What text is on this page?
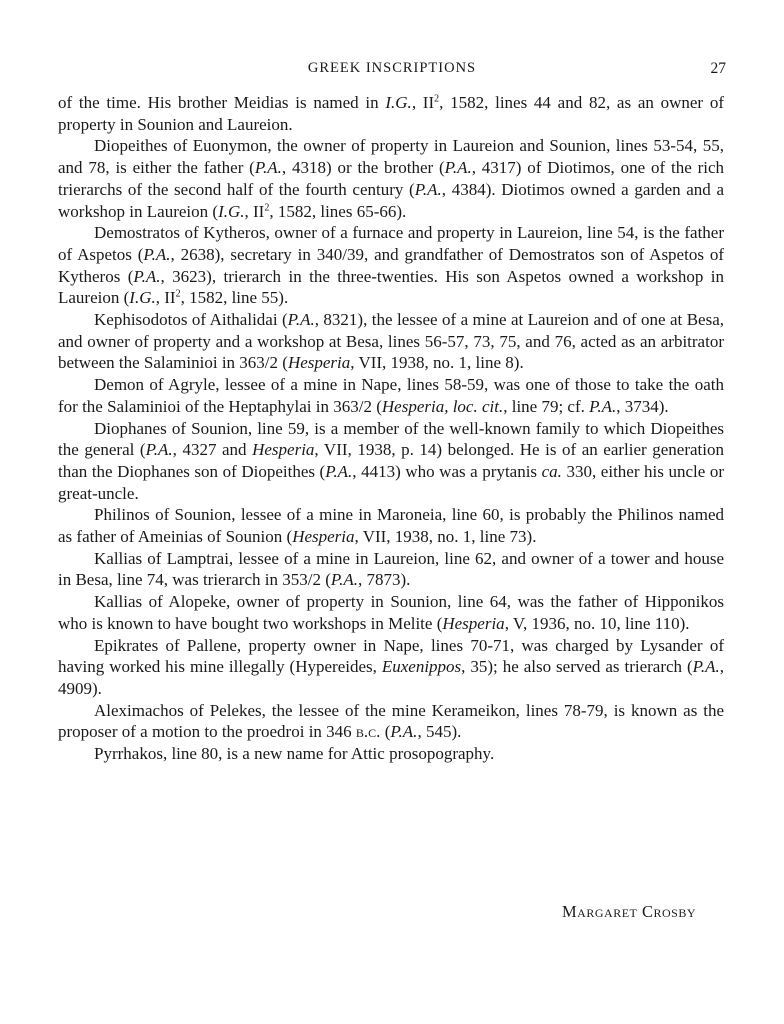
GREEK INSCRIPTIONS	27

of the time. His brother Meidias is named in I.G., $II^2$, 1582, lines 44 and 82, as an owner of property in Sounion and Laureion.

Diopeithes of Euonymon, the owner of property in Laureion and Sounion, lines 53-54, 55, and 78, is either the father (P.A., 4318) or the brother (P.A., 4317) of Diotimos, one of the rich trierarchs of the second half of the fourth century (P.A., 4384). Diotimos owned a garden and a workshop in Laureion (I.G., $II^2$, 1582, lines 65-66).

Demostratos of Kytheros, owner of a furnace and property in Laureion, line 54, is the father of Aspetos (P.A., 2638), secretary in 340/39, and grandfather of Demostratos son of Aspetos of Kytheros (P.A., 3623), trierarch in the three-twenties. His son Aspetos owned a workshop in Laureion (I.G., $II^2$, 1582, line 55).

Kephisodotos of Aithalidai (P.A., 8321), the lessee of a mine at Laureion and of one at Besa, and owner of property and a workshop at Besa, lines 56-57, 73, 75, and 76, acted as an arbitrator between the Salaminioi in 363/2 (Hesperia, VII, 1938, no. 1, line 8).

Demon of Agryle, lessee of a mine in Nape, lines 58-59, was one of those to take the oath for the Salaminioi of the Heptaphylai in 363/2 (Hesperia, loc. cit., line 79; cf. P.A., 3734).

Diophanes of Sounion, line 59, is a member of the well-known family to which Diopeithes the general (P.A., 4327 and Hesperia, VII, 1938, p. 14) belonged. He is of an earlier generation than the Diophanes son of Diopeithes (P.A., 4413) who was a prytanis ca. 330, either his uncle or great-uncle.

Philinos of Sounion, lessee of a mine in Maroneia, line 60, is probably the Philinos named as father of Ameinias of Sounion (Hesperia, VII, 1938, no. 1, line 73).

Kallias of Lamptrai, lessee of a mine in Laureion, line 62, and owner of a tower and house in Besa, line 74, was trierarch in 353/2 (P.A., 7873).

Kallias of Alopeke, owner of property in Sounion, line 64, was the father of Hipponikos who is known to have bought two workshops in Melite (Hesperia, V, 1936, no. 10, line 110).

Epikrates of Pallene, property owner in Nape, lines 70-71, was charged by Lysander of having worked his mine illegally (Hypereides, Euxenippos, 35); he also served as trierarch (P.A., 4909).

Aleximachos of Pelekes, the lessee of the mine Kerameikon, lines 78-79, is known as the proposer of a motion to the proedroi in 346 b.c. (P.A., 545).

Pyrrhakos, line 80, is a new name for Attic prosopography.

Margaret Crosby
